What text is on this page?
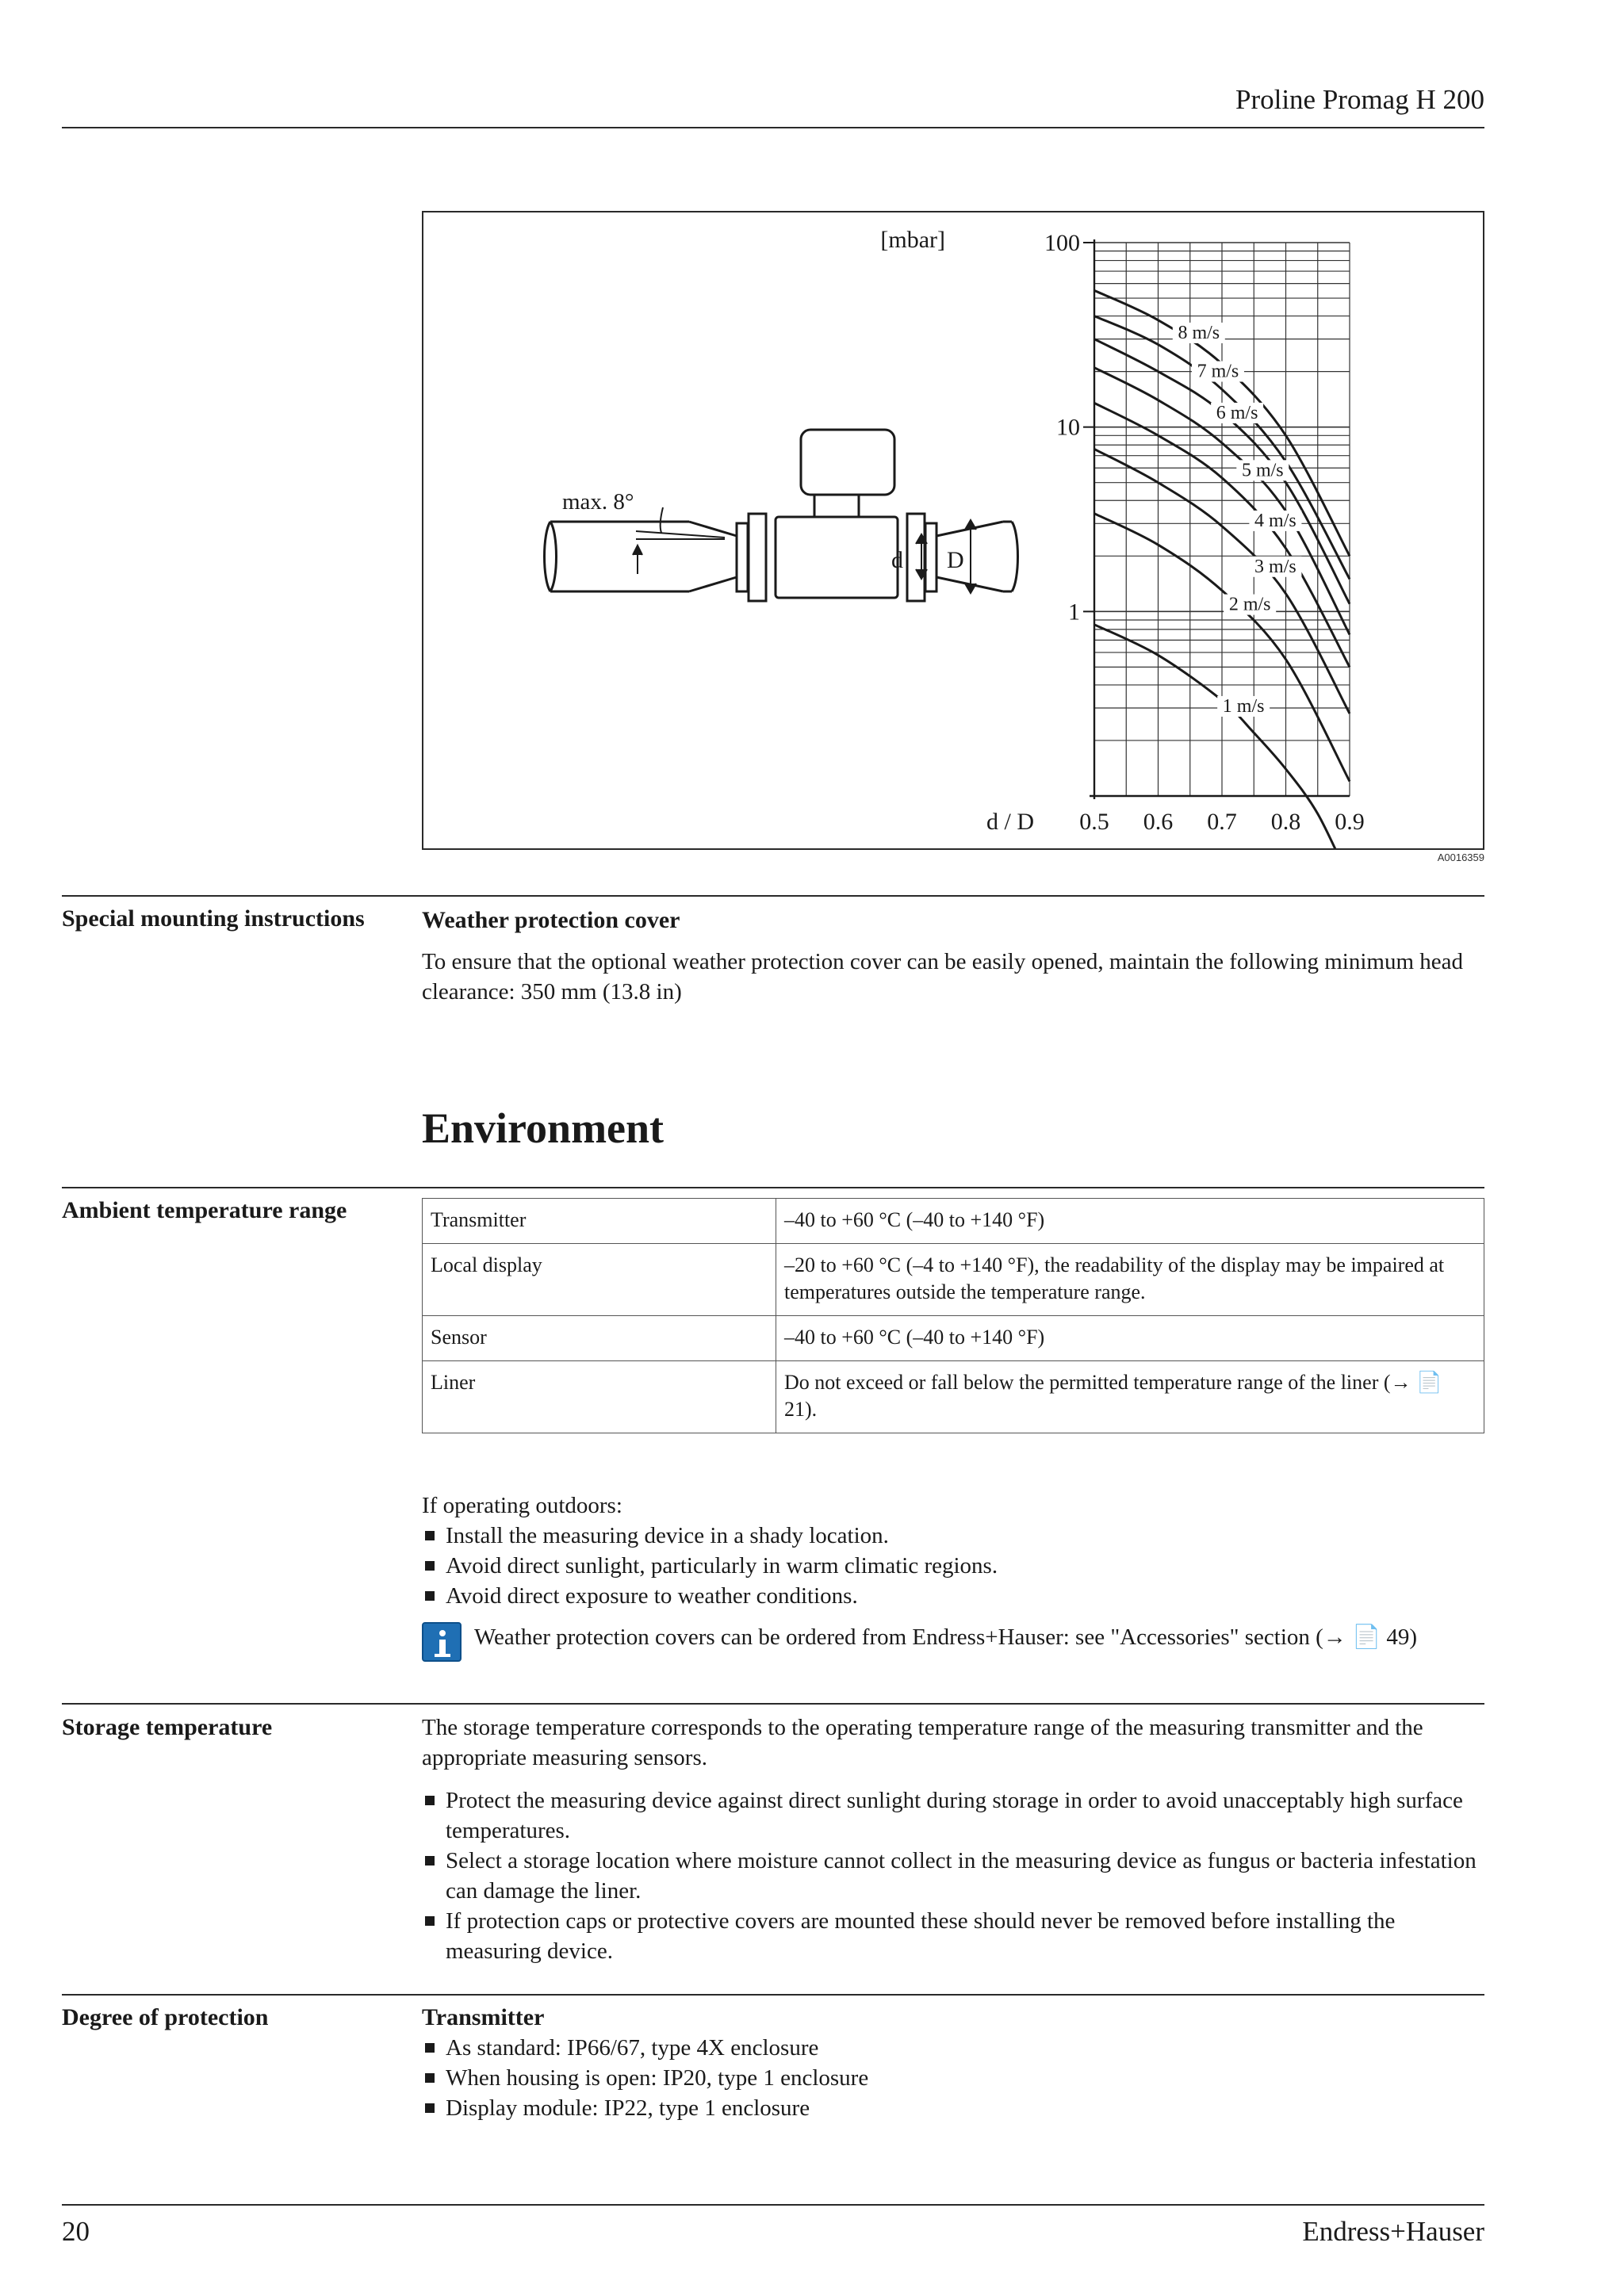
Proline Promag H 200
max. 8°
d D
100
10
1
0.5 0.6 0.7 0.8 0.9
8 m/s
7 m/s
6 m/s
5 m/s
4 m/s
3 m/s
2 m/s
1 m/s
[mbar]
d / D
A0016359
Special mounting instructions	Weather protection cover

To ensure that the optional weather protection cover can be easily opened, maintain the following minimum head clearance: 350 mm (13.8 in)

Environment
Ambient temperature range	Transmitter	–40 to +60 °C (–40 to +140 °F)
Local display	–20 to +60 °C (–4 to +140 °F), the readability of the display may be impaired at temperatures outside the temperature range.
Sensor	–40 to +60 °C (–40 to +140 °F)
Liner	Do not exceed or fall below the permitted temperature range of the liner (→ 📄 21).

If operating outdoors:

Install the measuring device in a shady location.
Avoid direct sunlight, particularly in warm climatic regions.
Avoid direct exposure to weather conditions.

Weather protection covers can be ordered from Endress+Hauser: see "Accessories" section (→ 📄 49)

Storage temperature	The storage temperature corresponds to the operating temperature range of the measuring transmitter and the appropriate measuring sensors.

Protect the measuring device against direct sunlight during storage in order to avoid unacceptably high surface temperatures.
Select a storage location where moisture cannot collect in the measuring device as fungus or bacteria infestation can damage the liner.
If protection caps or protective covers are mounted these should never be removed before installing the measuring device.
Degree of protection	Transmitter
As standard: IP66/67, type 4X enclosure
When housing is open: IP20, type 1 enclosure
Display module: IP22, type 1 enclosure
20	Endress+Hauser
